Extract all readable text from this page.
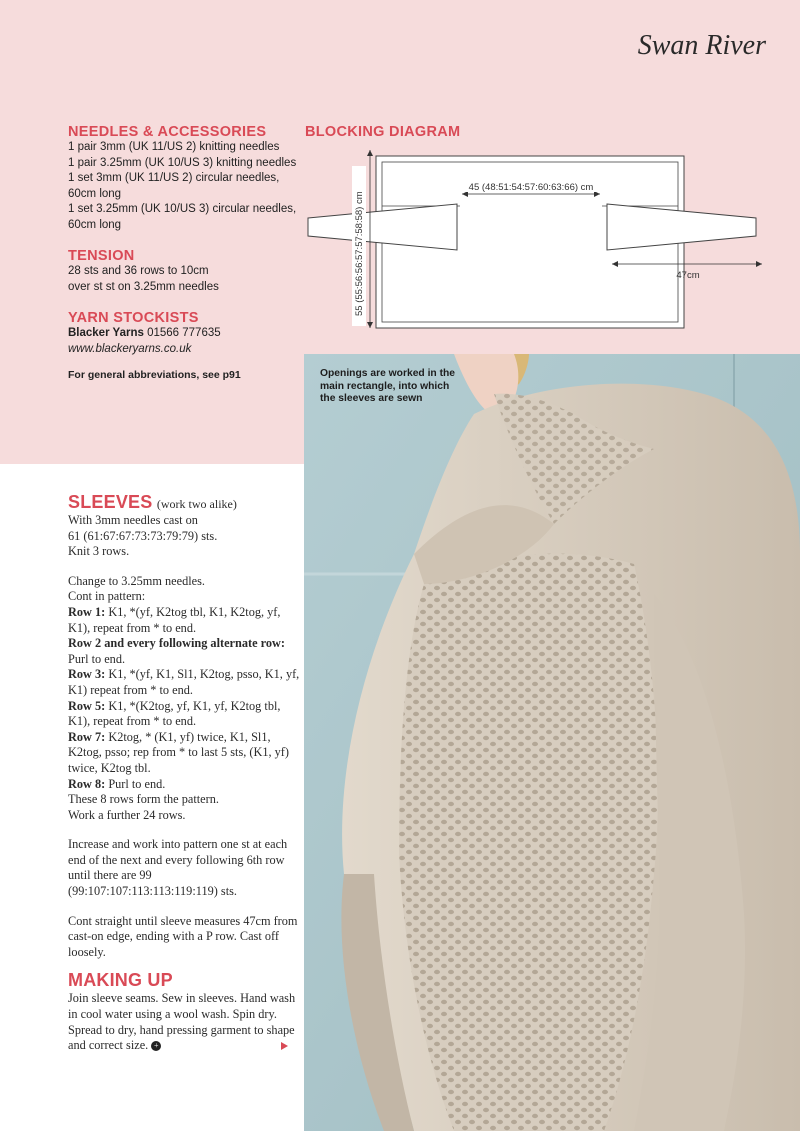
Swan River

NEEDLES & ACCESSORIES

1 pair 3mm (UK 11/US 2) knitting needles

1 pair 3.25mm (UK 10/US 3) knitting needles

1 set 3mm (UK 11/US 2) circular needles, 60cm long

1 set 3.25mm (UK 10/US 3) circular needles, 60cm long

TENSION

28 sts and 36 rows to 10cm

over st st on 3.25mm needles

YARN STOCKISTS

Blacker Yarns 01566 777635

www.blackeryarns.co.uk

For general abbreviations, see p91

BLOCKING DIAGRAM
45 (48:51:54:57:60:63:66) cm
55 (55:56:56:57:57:58:58) cm	47cm
Openings are worked in the main rectangle, into which the sleeves are sewn
SLEEVES (work two alike)

With 3mm needles cast on

61 (61:67:67:73:73:79:79) sts.

Knit 3 rows.

Change to 3.25mm needles.

Cont in pattern:

Row 1: K1, *(yf, K2tog tbl, K1, K2tog, yf, K1), repeat from * to end.

Row 2 and every following alternate row: Purl to end.

Row 3: K1, *(yf, K1, Sl1, K2tog, psso, K1, yf, K1) repeat from * to end.

Row 5: K1, *(K2tog, yf, K1, yf, K2tog tbl, K1), repeat from * to end.

Row 7: K2tog, * (K1, yf) twice, K1, Sl1, K2tog, psso; rep from * to last 5 sts, (K1, yf) twice, K2tog tbl.

Row 8: Purl to end.

These 8 rows form the pattern.

Work a further 24 rows.

Increase and work into pattern one st at each end of the next and every following 6th row until there are 99 (99:107:107:113:113:119:119) sts.

Cont straight until sleeve measures 47cm from cast-on edge, ending with a P row. Cast off loosely.

MAKING UP

Join sleeve seams. Sew in sleeves. Hand wash in cool water using a wool wash. Spin dry. Spread to dry, hand pressing garment to shape and correct size. +
